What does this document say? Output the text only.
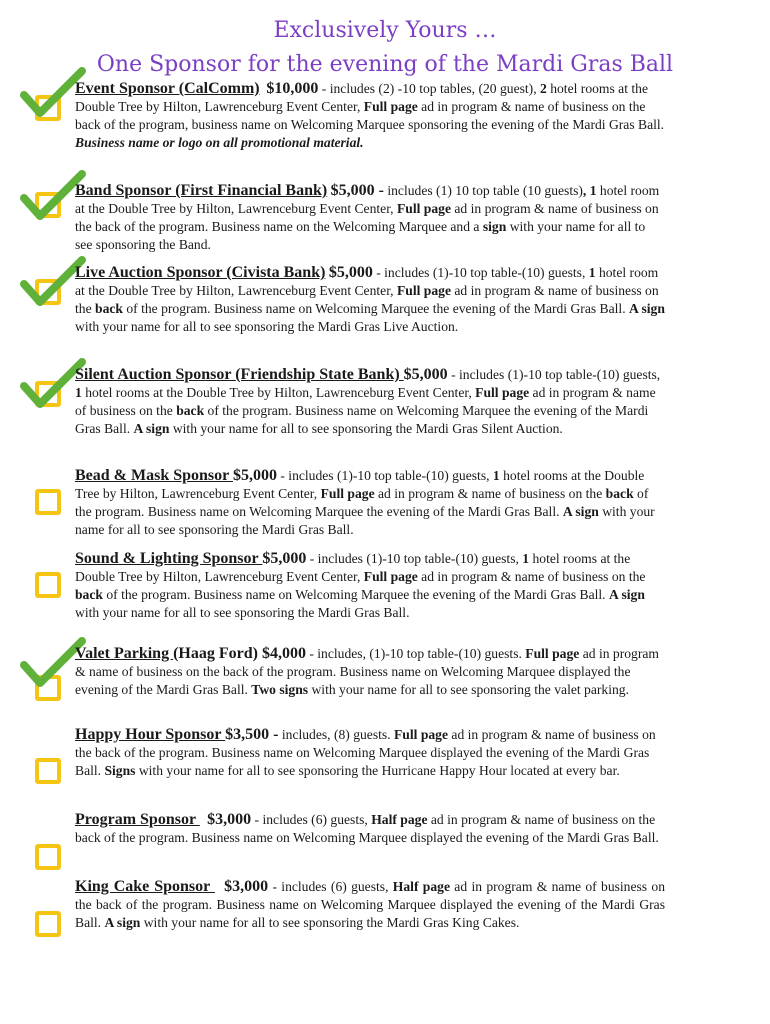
Exclusively Yours …
One Sponsor for the evening of the Mardi Gras Ball
Event Sponsor (CalComm) $10,000 - includes (2) -10 top tables, (20 guest), 2 hotel rooms at the Double Tree by Hilton, Lawrenceburg Event Center, Full page ad in program & name of business on the back of the program, business name on Welcoming Marquee sponsoring the evening of the Mardi Gras Ball. Business name or logo on all promotional material.
Band Sponsor (First Financial Bank) $5,000 - includes (1) 10 top table (10 guests), 1 hotel room at the Double Tree by Hilton, Lawrenceburg Event Center, Full page ad in program & name of business on the back of the program. Business name on the Welcoming Marquee and a sign with your name for all to see sponsoring the Band.
Live Auction Sponsor (Civista Bank) $5,000 - includes (1)-10 top table-(10) guests, 1 hotel room at the Double Tree by Hilton, Lawrenceburg Event Center, Full page ad in program & name of business on the back of the program. Business name on Welcoming Marquee the evening of the Mardi Gras Ball. A sign with your name for all to see sponsoring the Mardi Gras Live Auction.
Silent Auction Sponsor (Friendship State Bank) $5,000 - includes (1)-10 top table-(10) guests, 1 hotel rooms at the Double Tree by Hilton, Lawrenceburg Event Center, Full page ad in program & name of business on the back of the program. Business name on Welcoming Marquee the evening of the Mardi Gras Ball. A sign with your name for all to see sponsoring the Mardi Gras Silent Auction.
Bead & Mask Sponsor $5,000 - includes (1)-10 top table-(10) guests, 1 hotel rooms at the Double Tree by Hilton, Lawrenceburg Event Center, Full page ad in program & name of business on the back of the program. Business name on Welcoming Marquee the evening of the Mardi Gras Ball. A sign with your name for all to see sponsoring the Mardi Gras Ball.
Sound & Lighting Sponsor $5,000 - includes (1)-10 top table-(10) guests, 1 hotel rooms at the Double Tree by Hilton, Lawrenceburg Event Center, Full page ad in program & name of business on the back of the program. Business name on Welcoming Marquee the evening of the Mardi Gras Ball. A sign with your name for all to see sponsoring the Mardi Gras Ball.
Valet Parking (Haag Ford) $4,000 - includes, (1)-10 top table-(10) guests. Full page ad in program & name of business on the back of the program. Business name on Welcoming Marquee displayed the evening of the Mardi Gras Ball. Two signs with your name for all to see sponsoring the valet parking.
Happy Hour Sponsor $3,500 - includes, (8) guests. Full page ad in program & name of business on the back of the program. Business name on Welcoming Marquee displayed the evening of the Mardi Gras Ball. Signs with your name for all to see sponsoring the Hurricane Happy Hour located at every bar.
Program Sponsor   $3,000 - includes (6) guests, Half page ad in program & name of business on the back of the program. Business name on Welcoming Marquee displayed the evening of the Mardi Gras Ball.
King Cake Sponsor   $3,000 - includes (6) guests, Half page ad in program & name of business on the back of the program. Business name on Welcoming Marquee displayed the evening of the Mardi Gras Ball. A sign with your name for all to see sponsoring the Mardi Gras King Cakes.
